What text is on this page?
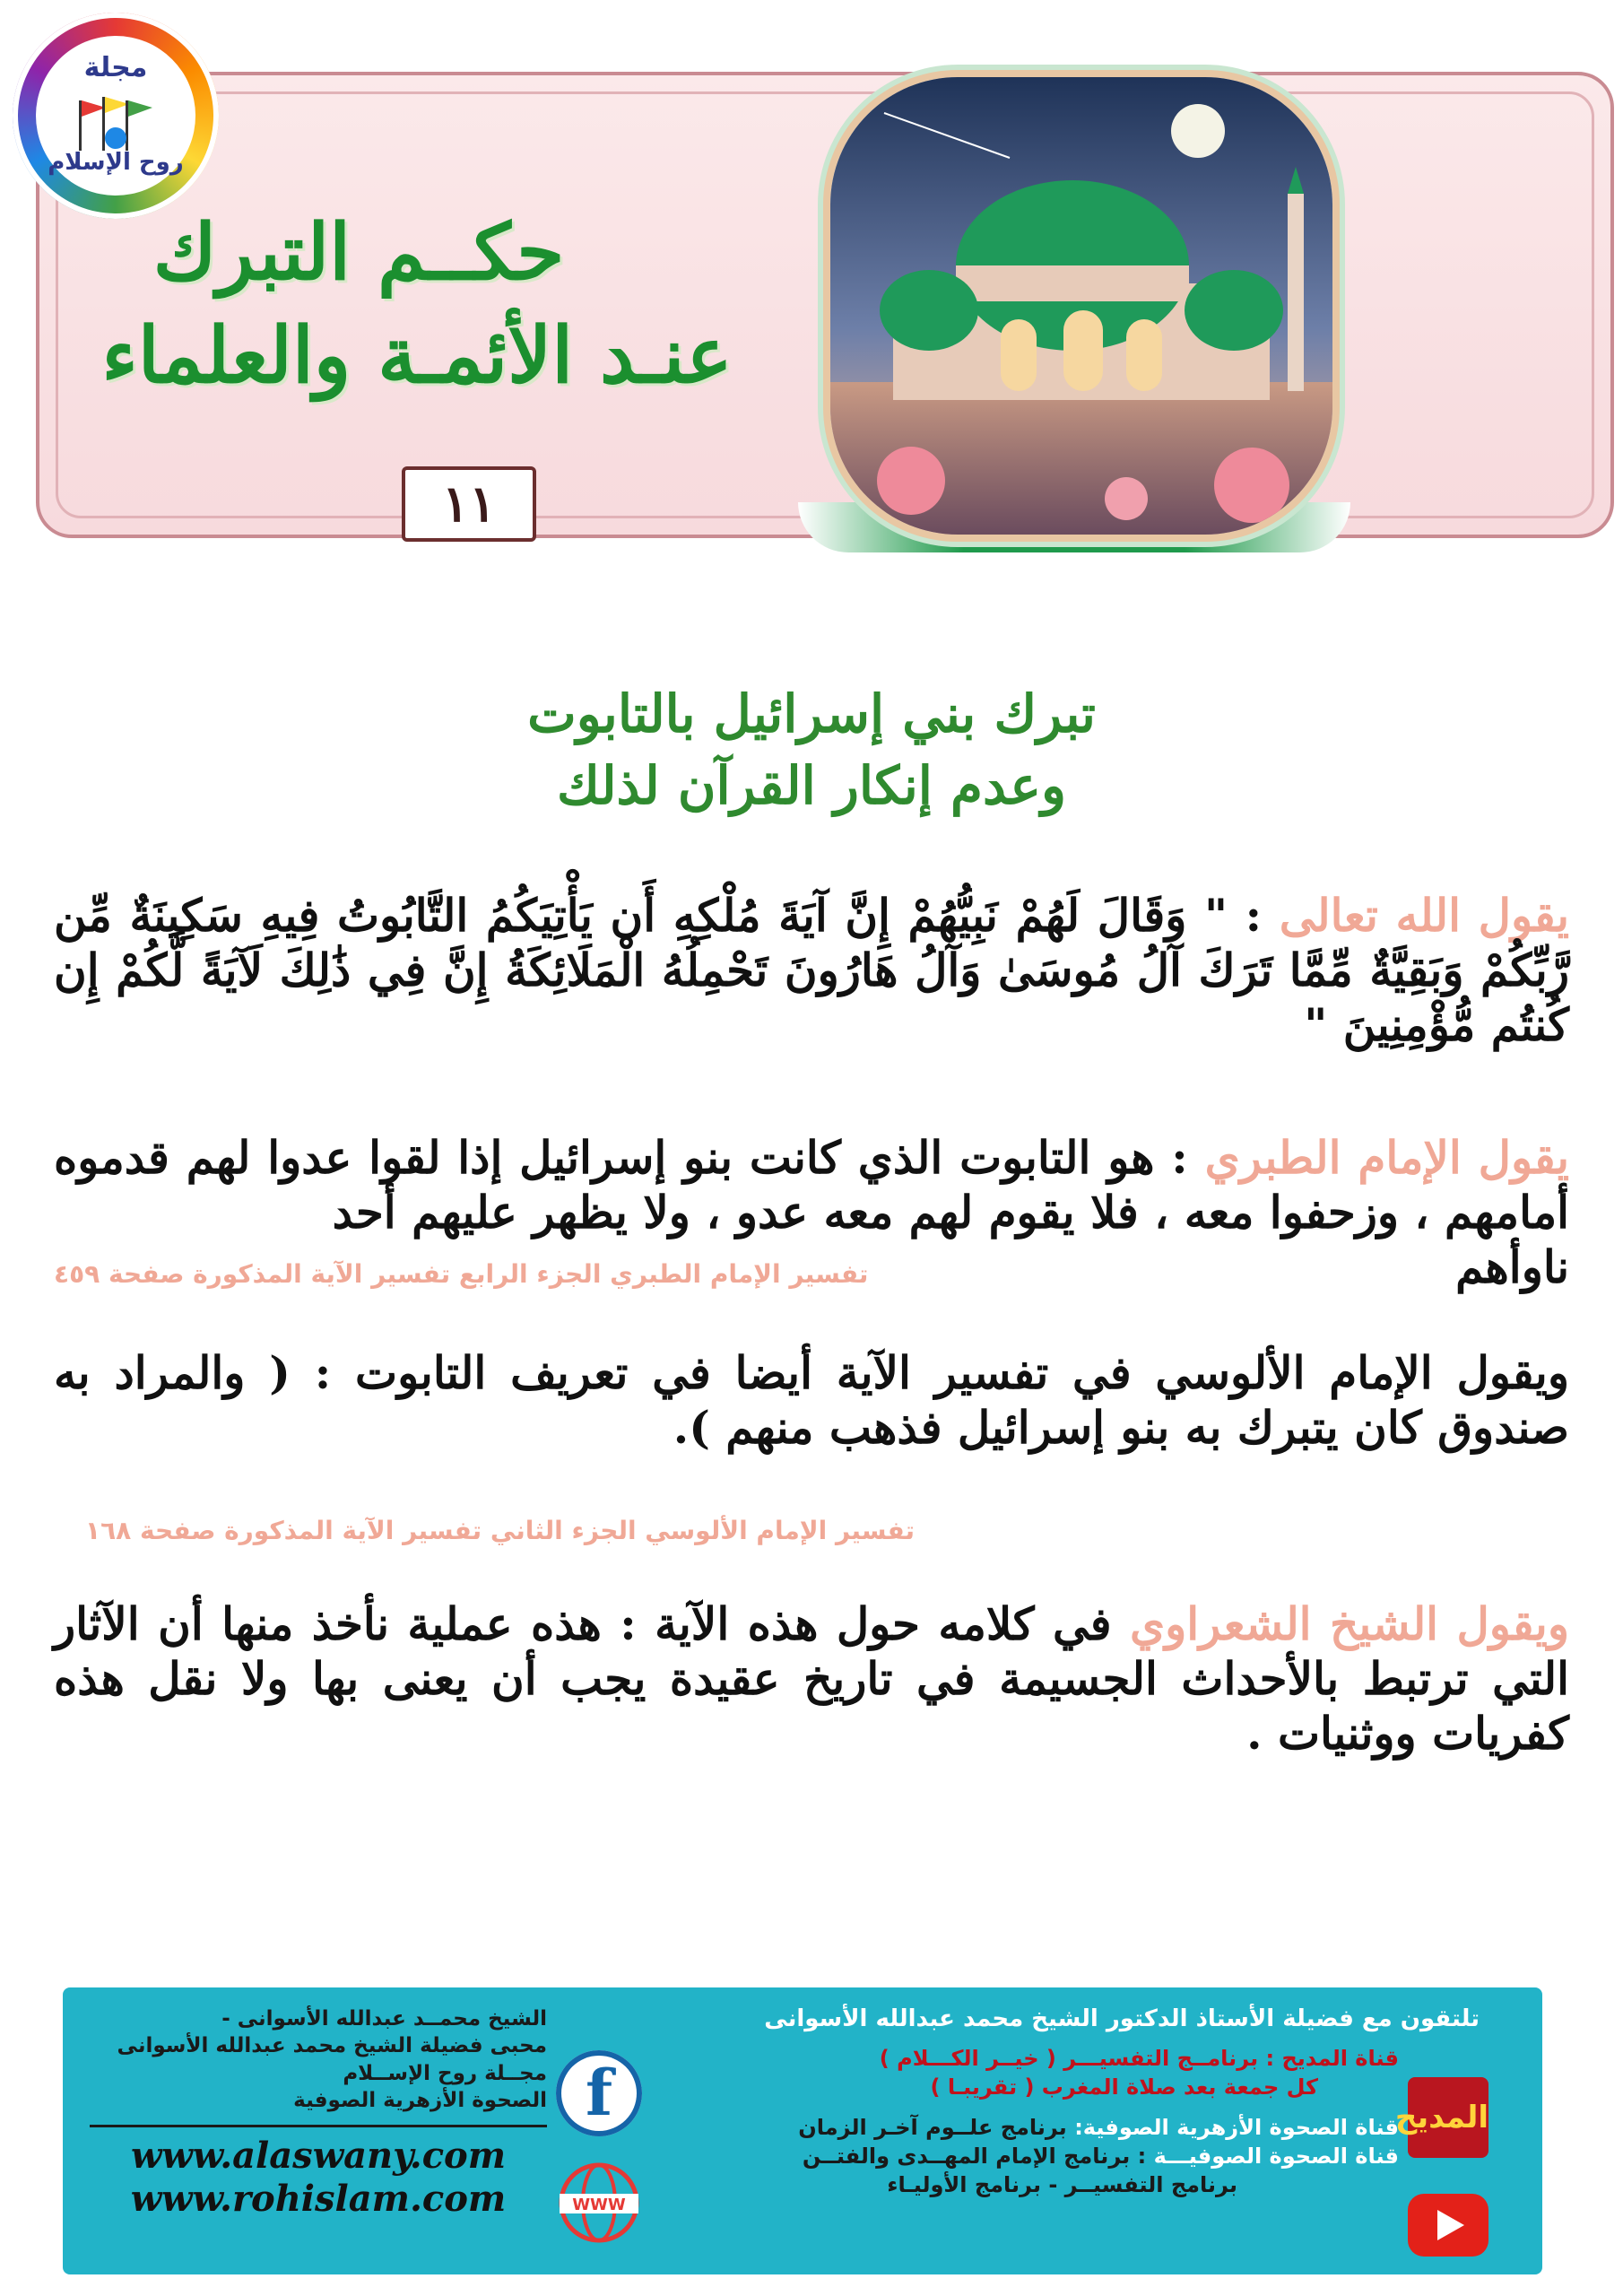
مجلة
روح الإسلام
حكــم التبرك
عنـد الأئمـة والعلماء
١١
تبرك بني إسرائيل بالتابوت
وعدم إنكار القرآن لذلك
يقول الله تعالى : " وَقَالَ لَهُمْ نَبِيُّهُمْ إِنَّ آيَةَ مُلْكِهِ أَن يَأْتِيَكُمُ التَّابُوتُ فِيهِ سَكِينَةٌ مِّن رَّبِّكُمْ وَبَقِيَّةٌ مِّمَّا تَرَكَ آلُ مُوسَىٰ وَآلُ هَارُونَ تَحْمِلُهُ الْمَلَائِكَةُ إِنَّ فِي ذَٰلِكَ لَآيَةً لَّكُمْ إِن كُنتُم مُّؤْمِنِينَ "
يقول الإمام الطبري : هو التابوت الذي كانت بنو إسرائيل إذا لقوا عدوا لهم قدموه أمامهم ، وزحفوا معه ، فلا يقوم لهم معه عدو ، ولا يظهر عليهم أحد
ناوأهم
تفسير الإمام الطبري الجزء الرابع تفسير الآية المذكورة صفحة ٤٥٩
ويقول الإمام الألوسي في تفسير الآية أيضا في تعريف التابوت : ( والمراد به صندوق كان يتبرك به بنو إسرائيل فذهب منهم ).
تفسير الإمام الألوسي الجزء الثاني تفسير الآية المذكورة صفحة ١٦٨
ويقول الشيخ الشعراوي في كلامه حول هذه الآية : هذه عملية نأخذ منها أن الآثار التي ترتبط بالأحداث الجسيمة في تاريخ عقيدة يجب أن يعنى بها ولا نقل هذه كفريات ووثنيات .
تلتقون مع فضيلة الأستاذ الدكتور الشيخ محمد عبدالله الأسوانى
قناة المديح : برنامــج التفسيـــر ( خيــر الكـــلام )
كل جمعة بعد صلاة المغرب ( تقريبـا )
قناة الصحوة الأزهرية الصوفية: برنامج علــوم آخـر الزمان
قناة الصحوة الصوفيـــة : برنامج الإمام المهــدى والفتــن
برنامج التفسيــر - برنامج الأوليـاء
المديح
f
WWW
الشيخ محمــد عبدالله الأسوانى -
محبى فضيلة الشيخ محمد عبدالله الأسوانى
مجــلة روح الإســلام
الصحوة الأزهرية الصوفية
www.alaswany.com
www.rohislam.com
